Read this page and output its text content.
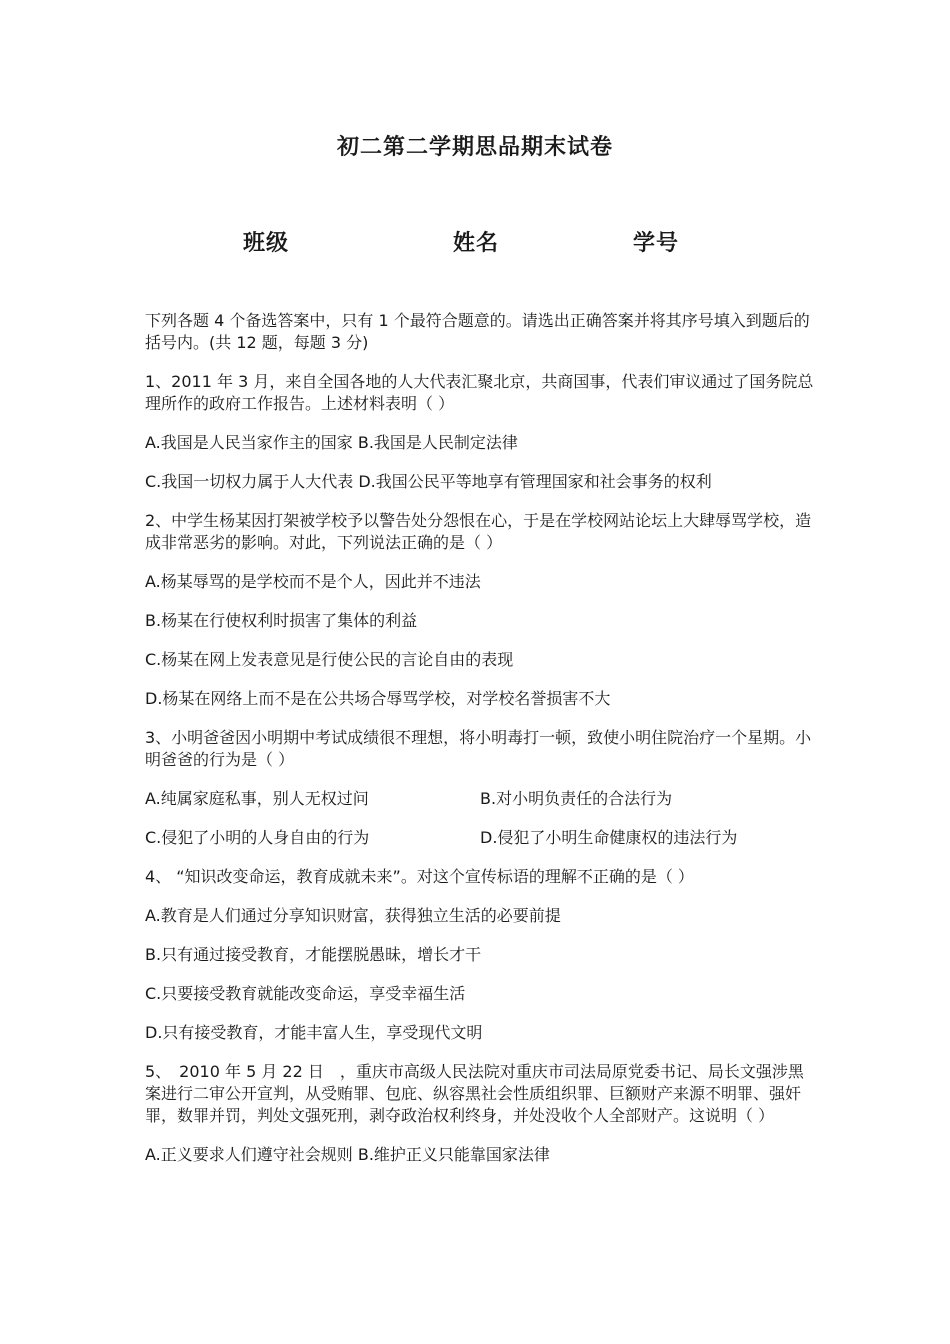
初二第二学期思品期末试卷
班级	姓名	学号

下列各题 4 个备选答案中，只有 1 个最符合题意的。请选出正确答案并将其序号填入到题后的括号内。(共 12 题，每题 3 分)

1、2011 年 3 月，来自全国各地的人大代表汇聚北京，共商国事，代表们审议通过了国务院总理所作的政府工作报告。上述材料表明（ ）

A.我国是人民当家作主的国家 B.我国是人民制定法律

C.我国一切权力属于人大代表 D.我国公民平等地享有管理国家和社会事务的权利

2、中学生杨某因打架被学校予以警告处分怨恨在心，于是在学校网站论坛上大肆辱骂学校，造成非常恶劣的影响。对此，下列说法正确的是（ ）

A.杨某辱骂的是学校而不是个人，因此并不违法

B.杨某在行使权利时损害了集体的利益

C.杨某在网上发表意见是行使公民的言论自由的表现

D.杨某在网络上而不是在公共场合辱骂学校，对学校名誉损害不大

3、小明爸爸因小明期中考试成绩很不理想，将小明毒打一顿，致使小明住院治疗一个星期。小明爸爸的行为是（ ）

A.纯属家庭私事，别人无权过问	B.对小明负责任的合法行为
C.侵犯了小明的人身自由的行为	D.侵犯了小明生命健康权的违法行为

4、 “知识改变命运，教育成就未来”。对这个宣传标语的理解不正确的是（ ）

A.教育是人们通过分享知识财富，获得独立生活的必要前提

B.只有通过接受教育，才能摆脱愚昧，增长才干

C.只要接受教育就能改变命运，享受幸福生活

D.只有接受教育，才能丰富人生，享受现代文明

5、　2010 年 5 月 22 日　，重庆市高级人民法院对重庆市司法局原党委书记、局长文强涉黑案进行二审公开宣判，从受贿罪、包庇、纵容黑社会性质组织罪、巨额财产来源不明罪、强奸罪，数罪并罚，判处文强死刑，剥夺政治权利终身，并处没收个人全部财产。这说明（ ）

A.正义要求人们遵守社会规则 B.维护正义只能靠国家法律
